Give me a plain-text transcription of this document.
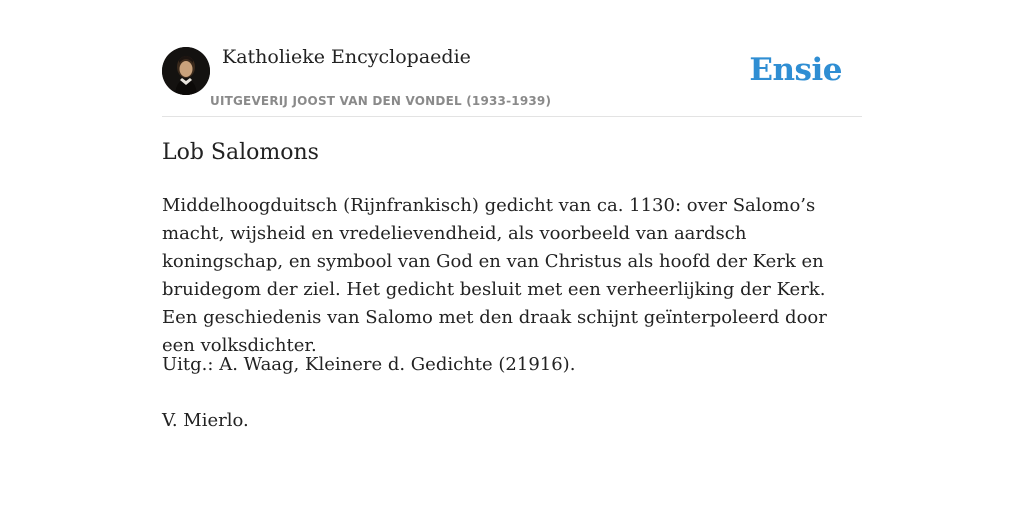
Katholieke Encyclopaedie
UITGEVERIJ JOOST VAN DEN VONDEL (1933-1939)
Ensie
Lob Salomons

Middelhoogduitsch (Rijnfrankisch) gedicht van ca. 1130: over Salomo’s macht, wijsheid en vredelievendheid, als voorbeeld van aardsch koningschap, en symbool van God en van Christus als hoofd der Kerk en bruidegom der ziel. Het gedicht besluit met een verheerlijking der Kerk. Een geschiedenis van Salomo met den draak schijnt geïnterpoleerd door een volksdichter.

Uitg.: A. Waag, Kleinere d. Gedichte (21916).

V. Mierlo.
